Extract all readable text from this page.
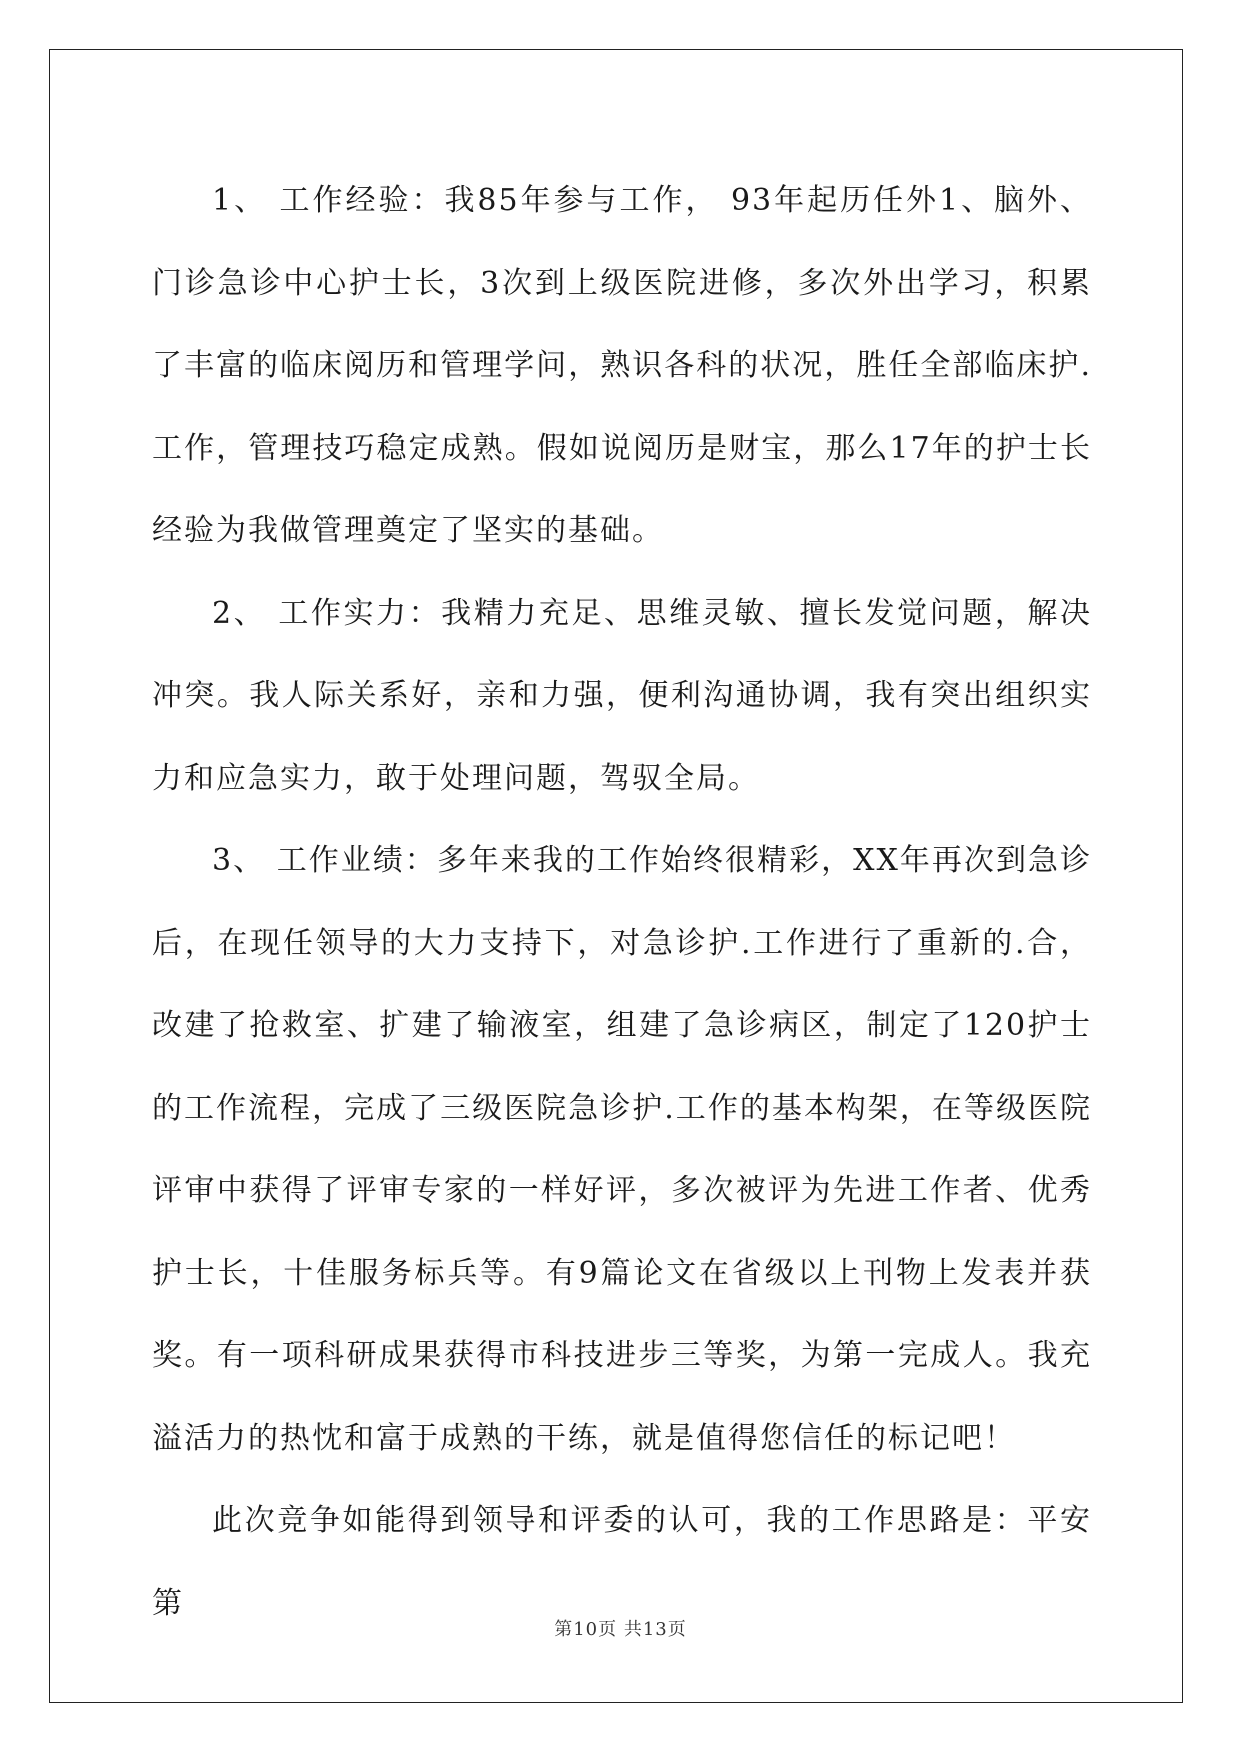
1、 工作经验：我85年参与工作， 93年起历任外1、脑外、门诊急诊中心护士长，3次到上级医院进修，多次外出学习，积累了丰富的临床阅历和管理学问，熟识各科的状况，胜任全部临床护.工作，管理技巧稳定成熟。假如说阅历是财宝，那么17年的护士长经验为我做管理奠定了坚实的基础。

2、 工作实力：我精力充足、思维灵敏、擅长发觉问题，解决冲突。我人际关系好，亲和力强，便利沟通协调，我有突出组织实力和应急实力，敢于处理问题，驾驭全局。

3、 工作业绩：多年来我的工作始终很精彩，XX年再次到急诊后，在现任领导的大力支持下，对急诊护.工作进行了重新的.合，改建了抢救室、扩建了输液室，组建了急诊病区，制定了120护士的工作流程，完成了三级医院急诊护.工作的基本构架，在等级医院评审中获得了评审专家的一样好评，多次被评为先进工作者、优秀护士长，十佳服务标兵等。有9篇论文在省级以上刊物上发表并获奖。有一项科研成果获得市科技进步三等奖，为第一完成人。我充溢活力的热忱和富于成熟的干练，就是值得您信任的标记吧！

此次竞争如能得到领导和评委的认可，我的工作思路是：平安第

第10页 共13页
